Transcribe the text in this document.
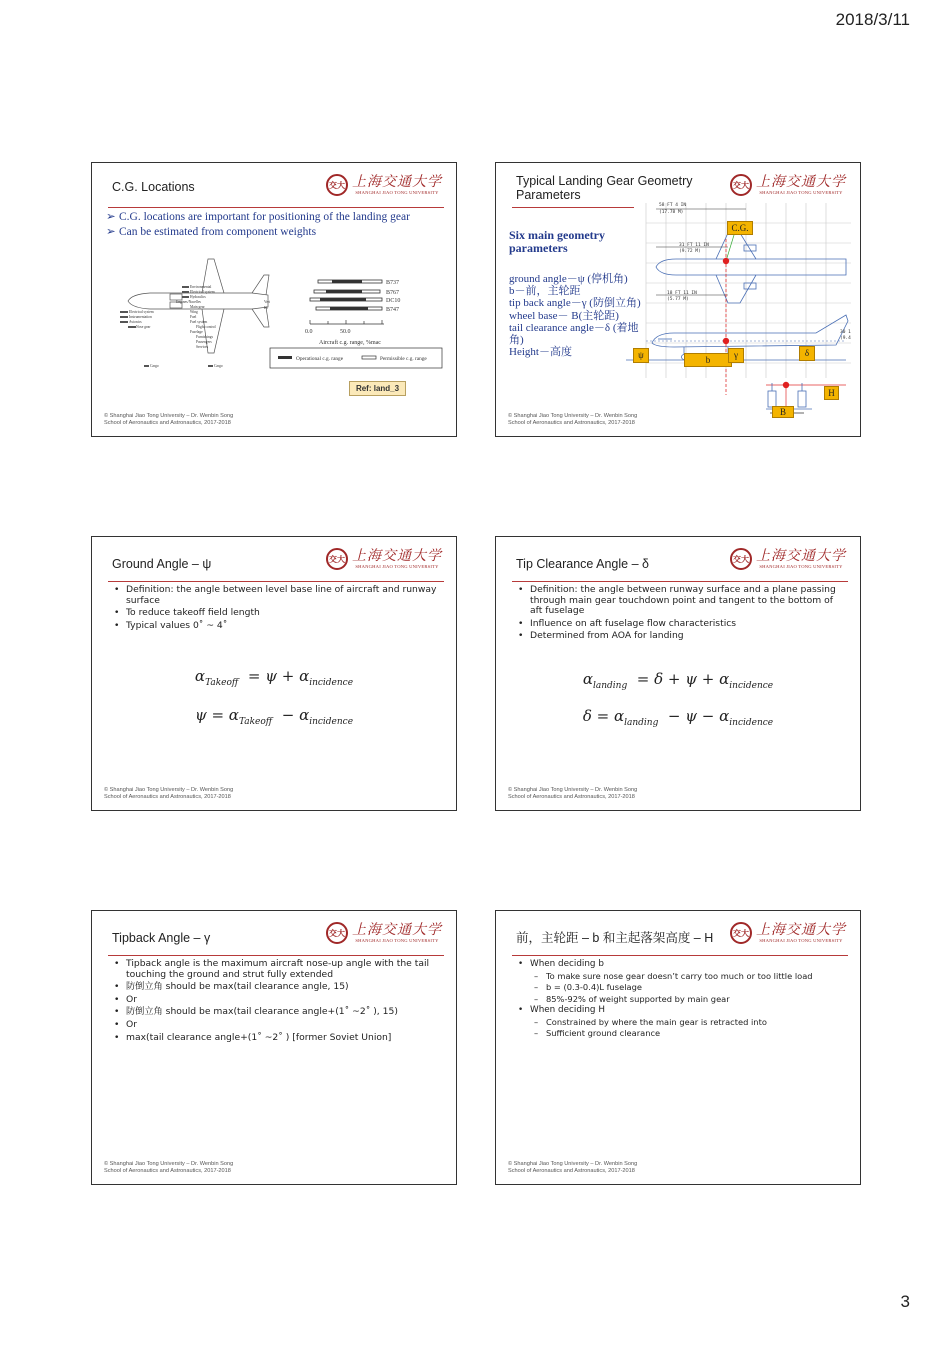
2018/3/11
C.G. Locations	交大 上海交通大学
SHANGHAI JIAO TONG UNIVERSITY
➢ C.G. locations are important for positioning of the landing gear
➢ Can be estimated from component weights
Environmental
Electrical system
Hydraulics
Engines/Nacelles
Main gear
Wing
Fuel
Fuel system
Flight control
Fuselage
Furnishings
Passengers
Services
Electrical system
Instrumentation
Avionics
Nose gear
Cargo	Cargo
Vert
Ht
B737
B767
DC10
B747
0.0	50.0
Aircraft c.g. range, %mac
Operational c.g. range	Permissible c.g. range
Ref: land_3
© Shanghai Jiao Tong University – Dr. Wenbin Song
School of Aeronautics and Astronautics, 2017-2018
Typical Landing Gear Geometry Parameters
交大 上海交通大学
SHANGHAI JIAO TONG UNIVERSITY
58 FT 4 IN
(17.78 M)
31 FT 11 IN
(9.72 M)
18 FT 11 IN
(5.77 M)
30 1
(9.4
Six main geometry parameters
ground angle－ψ (停机角)
b－前，主轮距
tip back angle－γ (防倒立角)
wheel base－ B(主轮距)
tail clearance angle－δ (着地角)
Height－高度
C.G.
ψ	b	γ	δ
H
B
© Shanghai Jiao Tong University – Dr. Wenbin Song
School of Aeronautics and Astronautics, 2017-2018
Ground Angle – ψ	交大 上海交通大学
SHANGHAI JIAO TONG UNIVERSITY
• Definition: the angle between level base line of aircraft and runway surface
• To reduce takeoff field length
• Typical values 0˚ ~ 4˚
$\alpha_{Takeoff} = \psi + \alpha_{incidence}$
$\psi = \alpha_{Takeoff} - \alpha_{incidence}$
© Shanghai Jiao Tong University – Dr. Wenbin Song
School of Aeronautics and Astronautics, 2017-2018
Tip Clearance Angle – δ	交大 上海交通大学
SHANGHAI JIAO TONG UNIVERSITY
• Definition: the angle between runway surface and a plane passing through main gear touchdown point and tangent to the bottom of aft fuselage
• Influence on aft fuselage flow characteristics
• Determined from AOA for landing
$\alpha_{landing} = \delta + \psi + \alpha_{incidence}$
$\delta = \alpha_{landing} - \psi - \alpha_{incidence}$
© Shanghai Jiao Tong University – Dr. Wenbin Song
School of Aeronautics and Astronautics, 2017-2018
Tipback Angle – γ	交大 上海交通大学
SHANGHAI JIAO TONG UNIVERSITY
• Tipback angle is the maximum aircraft nose-up angle with the tail touching the ground and strut fully extended
• 防倒立角 should be max(tail clearance angle, 15)
• Or
• 防倒立角 should be max(tail clearance angle+(1˚ ~2˚ ), 15)
• Or
• max(tail clearance angle+(1˚ ~2˚ ) [former Soviet Union]
© Shanghai Jiao Tong University – Dr. Wenbin Song
School of Aeronautics and Astronautics, 2017-2018
前，主轮距 – b 和主起落架高度 – H	交大 上海交通大学
SHANGHAI JIAO TONG UNIVERSITY
• When deciding b
– To make sure nose gear doesn’t carry too much or too little load
– b = (0.3-0.4)L fuselage
– 85%-92% of weight supported by main gear
• When deciding H
– Constrained by where the main gear is retracted into
– Sufficient ground clearance
© Shanghai Jiao Tong University – Dr. Wenbin Song
School of Aeronautics and Astronautics, 2017-2018
3
